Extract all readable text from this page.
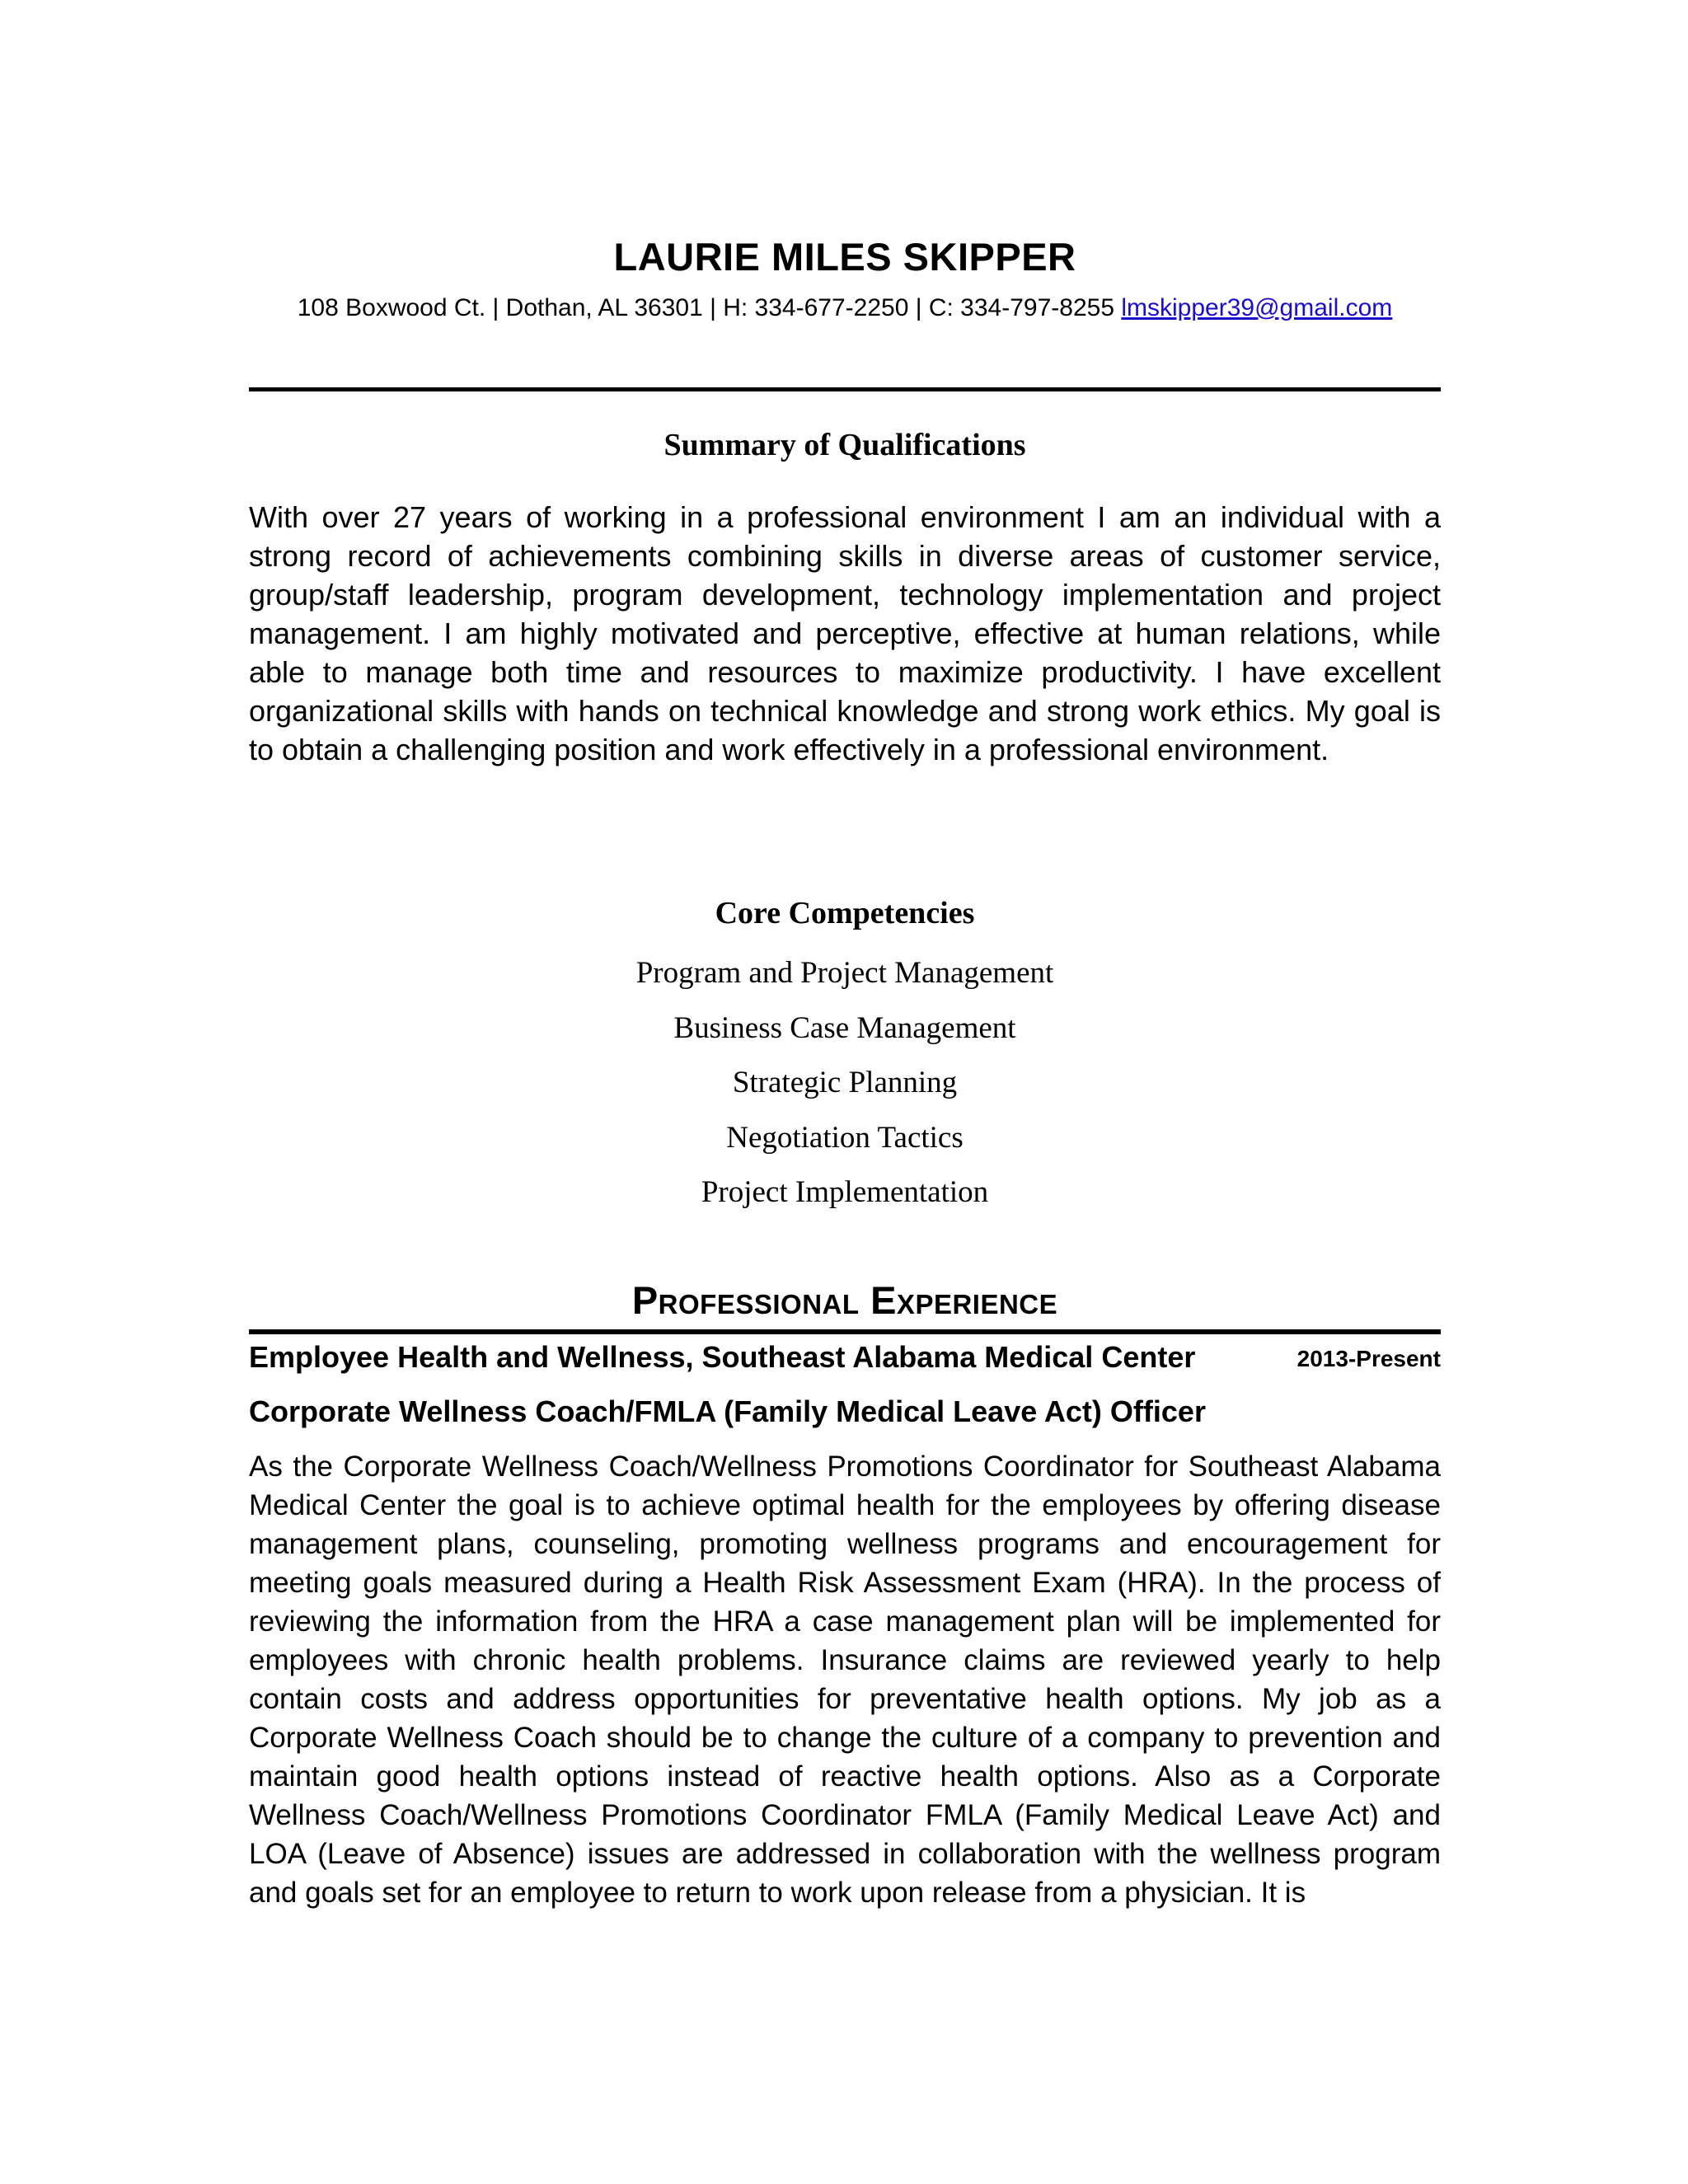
LAURIE MILES SKIPPER
108 Boxwood Ct. | Dothan, AL 36301 | H: 334-677-2250 | C: 334-797-8255 lmskipper39@gmail.com
Summary of Qualifications
With over 27 years of working in a professional environment I am an individual with a strong record of achievements combining skills in diverse areas of customer service, group/staff leadership, program development, technology implementation and project management. I am highly motivated and perceptive, effective at human relations, while able to manage both time and resources to maximize productivity. I have excellent organizational skills with hands on technical knowledge and strong work ethics. My goal is to obtain a challenging position and work effectively in a professional environment.
Core Competencies
Program and Project Management
Business Case Management
Strategic Planning
Negotiation Tactics
Project Implementation
Professional Experience
Employee Health and Wellness, Southeast Alabama Medical Center	2013-Present
Corporate Wellness Coach/FMLA (Family Medical Leave Act) Officer
As the Corporate Wellness Coach/Wellness Promotions Coordinator for Southeast Alabama Medical Center the goal is to achieve optimal health for the employees by offering disease management plans, counseling, promoting wellness programs and encouragement for meeting goals measured during a Health Risk Assessment Exam (HRA). In the process of reviewing the information from the HRA a case management plan will be implemented for employees with chronic health problems. Insurance claims are reviewed yearly to help contain costs and address opportunities for preventative health options. My job as a Corporate Wellness Coach should be to change the culture of a company to prevention and maintain good health options instead of reactive health options. Also as a Corporate Wellness Coach/Wellness Promotions Coordinator FMLA (Family Medical Leave Act) and LOA (Leave of Absence) issues are addressed in collaboration with the wellness program and goals set for an employee to return to work upon release from a physician. It is
